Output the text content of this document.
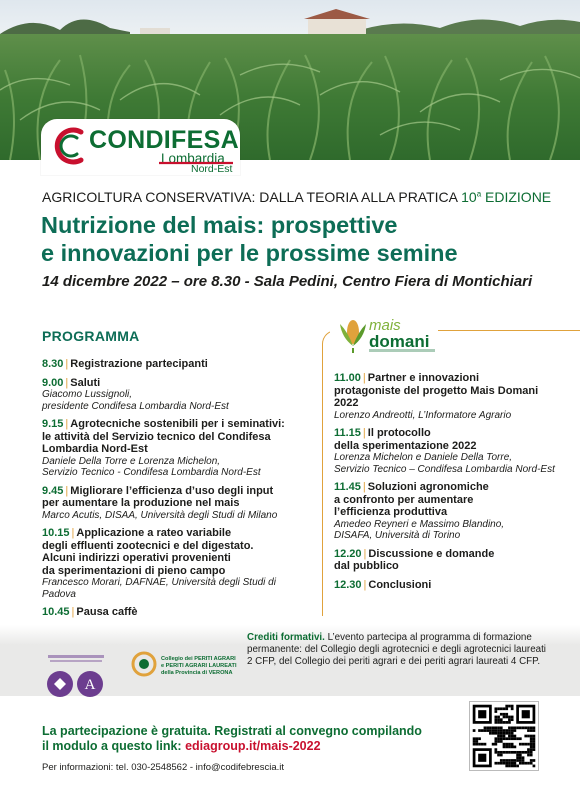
CONDIFESA
Lombardia
Nord-Est
AGRICOLTURA CONSERVATIVA: DALLA TEORIA ALLA PRATICA 10$^a$ EDIZIONE
Nutrizione del mais: prospettive
e innovazioni per le prossime semine
14 dicembre 2022 – ore 8.30 - Sala Pedini, Centro Fiera di Montichiari
PROGRAMMA
mais
domani
8.30 | Registrazione partecipanti
9.00 | Saluti
Giacomo Lussignoli,
presidente Condifesa Lombardia Nord-Est
9.15 | Agrotecniche sostenibili per i seminativi:
le attività del Servizio tecnico del Condifesa
Lombardia Nord-Est
Daniele Della Torre e Lorenza Michelon,
Servizio Tecnico - Condifesa Lombardia Nord-Est
9.45 | Migliorare l’efficienza d’uso degli input
per aumentare la produzione nel mais
Marco Acutis, DISAA, Università degli Studi di Milano
10.15 | Applicazione a rateo variabile
degli effluenti zootecnici e del digestato.
Alcuni indirizzi operativi provenienti
da sperimentazioni di pieno campo
Francesco Morari, DAFNAE, Università degli Studi di Padova
10.45 | Pausa caffè
11.00 | Partner e innovazioni
protagoniste del progetto Mais Domani
2022
Lorenzo Andreotti, L’Informatore Agrario
11.15 | Il protocollo
della sperimentazione 2022
Lorenza Michelon e Daniele Della Torre,
Servizio Tecnico – Condifesa Lombardia Nord-Est
11.45 | Soluzioni agronomiche
a confronto per aumentare
l’efficienza produttiva
Amedeo Reyneri e Massimo Blandino,
DISAFA, Università di Torino
12.20 | Discussione e domande
dal pubblico
12.30 | Conclusioni
A
Collegio dei PERITI AGRARI
e PERITI AGRARI LAUREATI
della Provincia di VERONA
Crediti formativi. L’evento partecipa al programma di formazione permanente: del Collegio degli agrotecnici e degli agrotecnici laureati 2 CFP, del Collegio dei periti agrari e dei periti agrari laureati 4 CFP.
La partecipazione è gratuita. Registrati al convegno compilando
il modulo a questo link: ediagroup.it/mais-2022
Per informazioni: tel. 030-2548562 - info@codifebrescia.it
